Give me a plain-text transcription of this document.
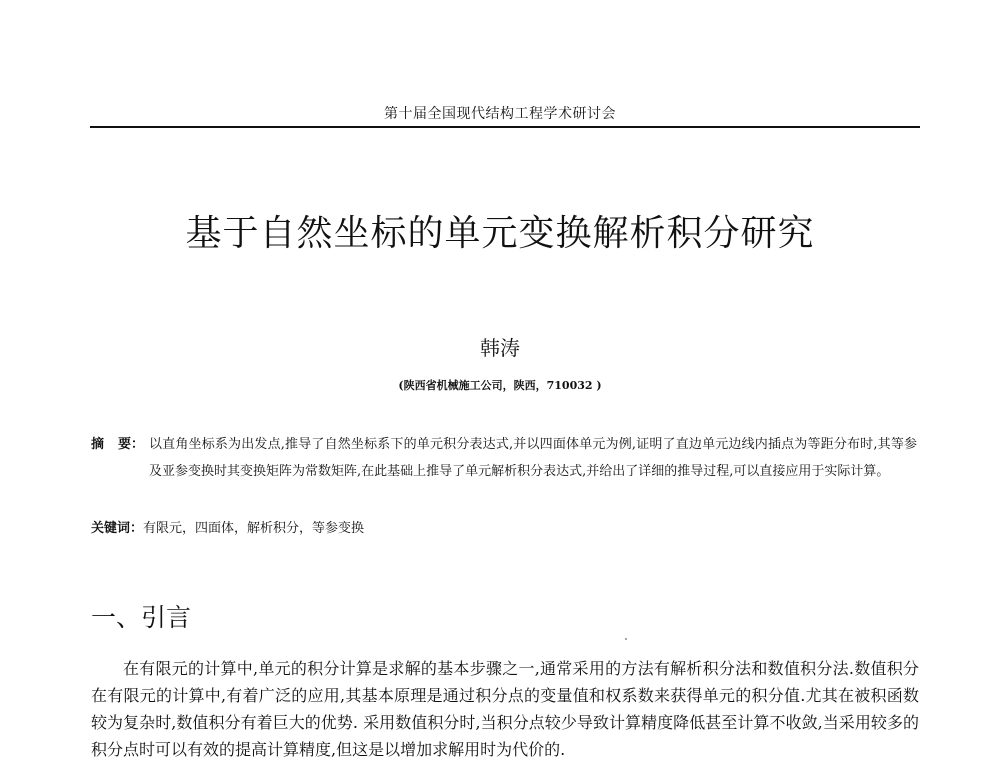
第十届全国现代结构工程学术研讨会
基于自然坐标的单元变换解析积分研究
韩涛
(陕西省机械施工公司，陕西，710032 )
摘 要： 以直角坐标系为出发点,推导了自然坐标系下的单元积分表达式,并以四面体单元为例,证明了直边单元边线内插点为等距分布时,其等参及亚参变换时其变换矩阵为常数矩阵,在此基础上推导了单元解析积分表达式,并给出了详细的推导过程,可以直接应用于实际计算。
关键词：有限元，四面体，解析积分，等参变换
一、引言
在有限元的计算中,单元的积分计算是求解的基本步骤之一,通常采用的方法有解析积分法和数值积分法.数值积分在有限元的计算中,有着广泛的应用,其基本原理是通过积分点的变量值和权系数来获得单元的积分值.尤其在被积函数较为复杂时,数值积分有着巨大的优势. 采用数值积分时,当积分点较少导致计算精度降低甚至计算不收敛,当采用较多的积分点时可以有效的提高计算精度,但这是以增加求解用时为代价的.
